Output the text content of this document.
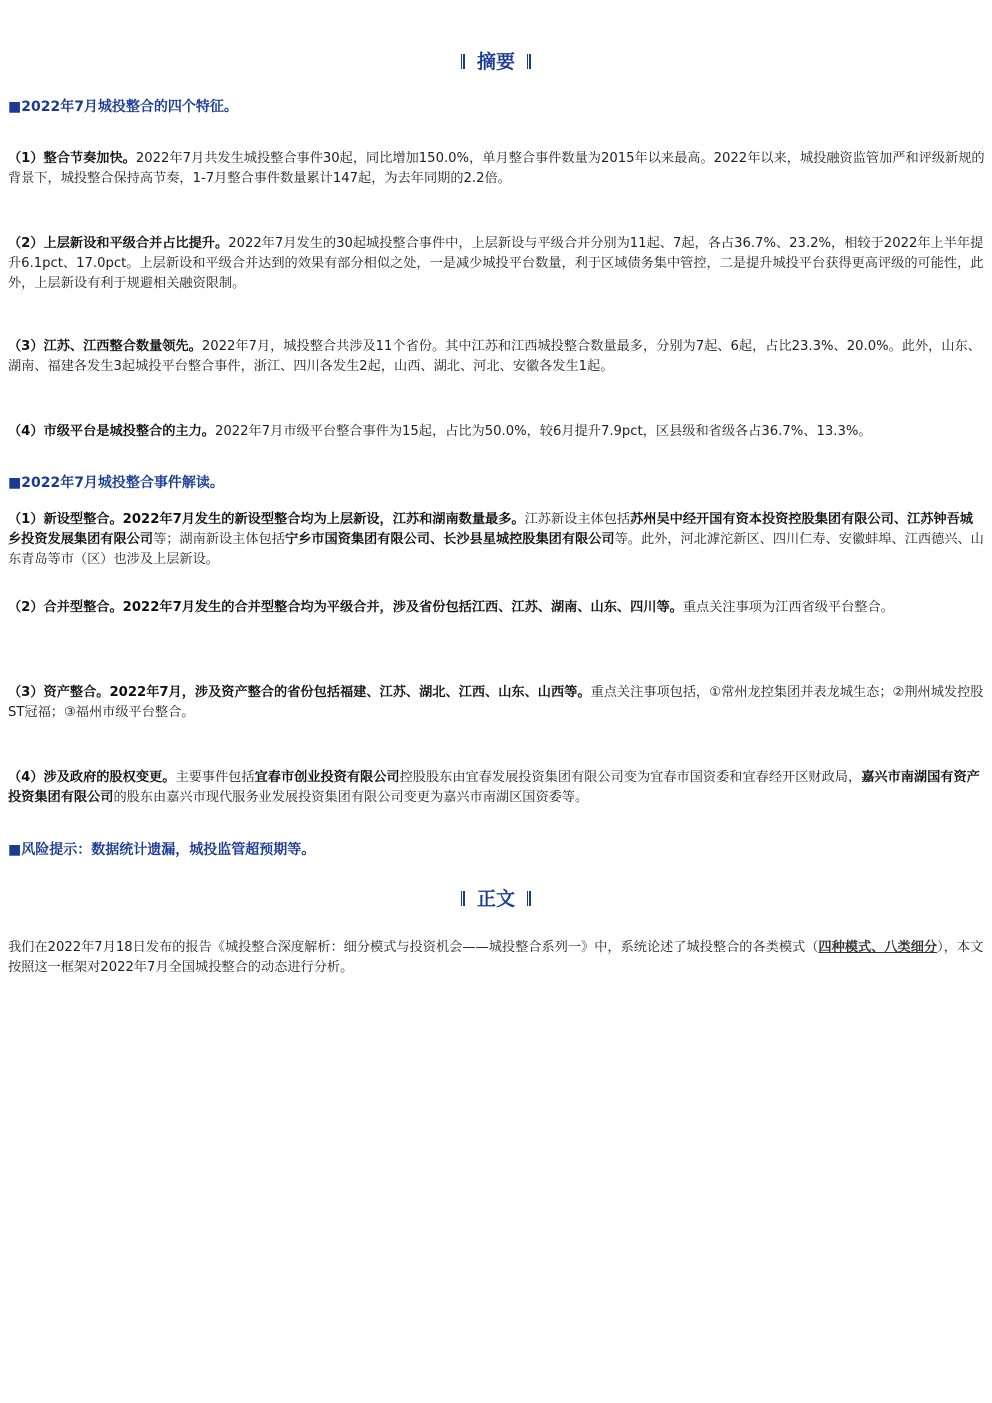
摘要
■2022年7月城投整合的四个特征。
（1）整合节奏加快。2022年7月共发生城投整合事件30起，同比增加150.0%，单月整合事件数量为2015年以来最高。2022年以来，城投融资监管加严和评级新规的背景下，城投整合保持高节奏，1-7月整合事件数量累计147起，为去年同期的2.2倍。
（2）上层新设和平级合并占比提升。2022年7月发生的30起城投整合事件中，上层新设与平级合并分别为11起、7起，各占36.7%、23.2%，相较于2022年上半年提升6.1pct、17.0pct。上层新设和平级合并达到的效果有部分相似之处，一是减少城投平台数量，利于区域债务集中管控，二是提升城投平台获得更高评级的可能性，此外，上层新设有利于规避相关融资限制。
（3）江苏、江西整合数量领先。2022年7月，城投整合共涉及11个省份。其中江苏和江西城投整合数量最多，分别为7起、6起，占比23.3%、20.0%。此外，山东、湖南、福建各发生3起城投平台整合事件，浙江、四川各发生2起，山西、湖北、河北、安徽各发生1起。
（4）市级平台是城投整合的主力。2022年7月市级平台整合事件为15起，占比为50.0%，较6月提升7.9pct，区县级和省级各占36.7%、13.3%。
■2022年7月城投整合事件解读。
（1）新设型整合。2022年7月发生的新设型整合均为上层新设，江苏和湖南数量最多。江苏新设主体包括苏州吴中经开国有资本投资控股集团有限公司、江苏钟吾城乡投资发展集团有限公司等；湖南新设主体包括宁乡市国资集团有限公司、长沙县星城控股集团有限公司等。此外，河北滹沱新区、四川仁寿、安徽蚌埠、江西德兴、山东青岛等市（区）也涉及上层新设。
（2）合并型整合。2022年7月发生的合并型整合均为平级合并，涉及省份包括江西、江苏、湖南、山东、四川等。重点关注事项为江西省级平台整合。
（3）资产整合。2022年7月，涉及资产整合的省份包括福建、江苏、湖北、江西、山东、山西等。重点关注事项包括，①常州龙控集团并表龙城生态；②荆州城发控股ST冠福；③福州市级平台整合。
（4）涉及政府的股权变更。主要事件包括宜春市创业投资有限公司控股股东由宜春发展投资集团有限公司变为宜春市国资委和宜春经开区财政局，嘉兴市南湖国有资产投资集团有限公司的股东由嘉兴市现代服务业发展投资集团有限公司变更为嘉兴市南湖区国资委等。
■风险提示：数据统计遗漏，城投监管超预期等。
正文
我们在2022年7月18日发布的报告《城投整合深度解析：细分模式与投资机会——城投整合系列一》中，系统论述了城投整合的各类模式（四种模式、八类细分），本文按照这一框架对2022年7月全国城投整合的动态进行分析。
